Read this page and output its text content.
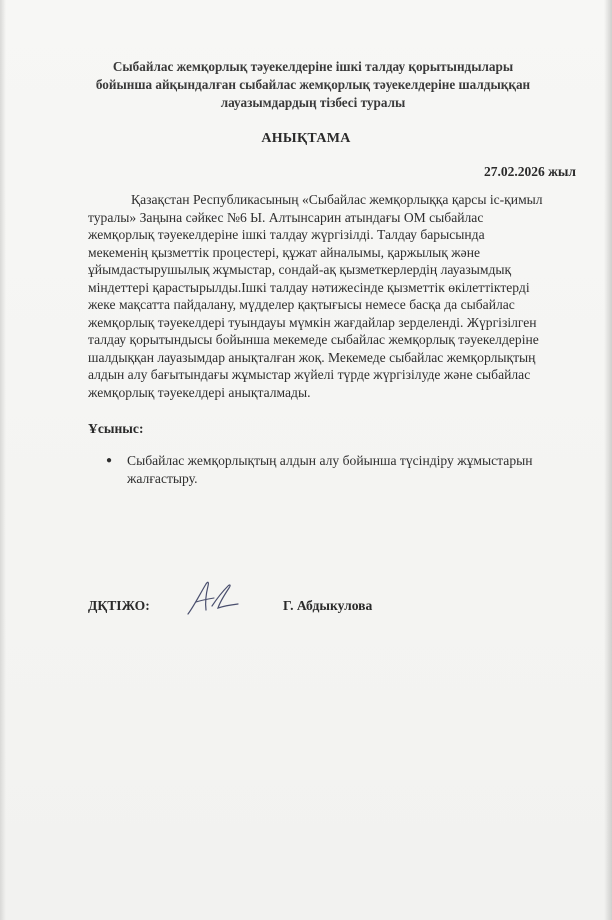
Сыбайлас жемқорлық тәуекелдеріне ішкі талдау қорытындылары
бойынша айқындалған сыбайлас жемқорлық тәуекелдеріне шалдыққан
лауазымдардың тізбесі туралы
АНЫҚТАМА
27.02.2026 жыл
Қазақстан Республикасының «Сыбайлас жемқорлыққа қарсы іс-қимыл
туралы» Заңына сәйкес №6 Ы. Алтынсарин атындағы ОМ сыбайлас
жемқорлық тәуекелдеріне ішкі талдау жүргізілді. Талдау барысында
мекеменің қызметтік процестері, құжат айналымы, қаржылық және
ұйымдастырушылық жұмыстар, сондай-ақ қызметкерлердің лауазымдық
міндеттері қарастырылды.Ішкі талдау нәтижесінде қызметтік өкілеттіктерді
жеке мақсатта пайдалану, мүдделер қақтығысы немесе басқа да сыбайлас
жемқорлық тәуекелдері туындауы мүмкін жағдайлар зерделенді. Жүргізілген
талдау қорытындысы бойынша мекемеде сыбайлас жемқорлық тәуекелдеріне
шалдыққан лауазымдар анықталған жоқ. Мекемеде сыбайлас жемқорлықтың
алдын алу бағытындағы жұмыстар жүйелі түрде жүргізілуде және сыбайлас
жемқорлық тәуекелдері анықталмады.
Ұсыныс:
● Сыбайлас жемқорлықтың алдын алу бойынша түсіндіру жұмыстарын
жалғастыру.
ДҚТІЖО:	Г. Абдыкулова
